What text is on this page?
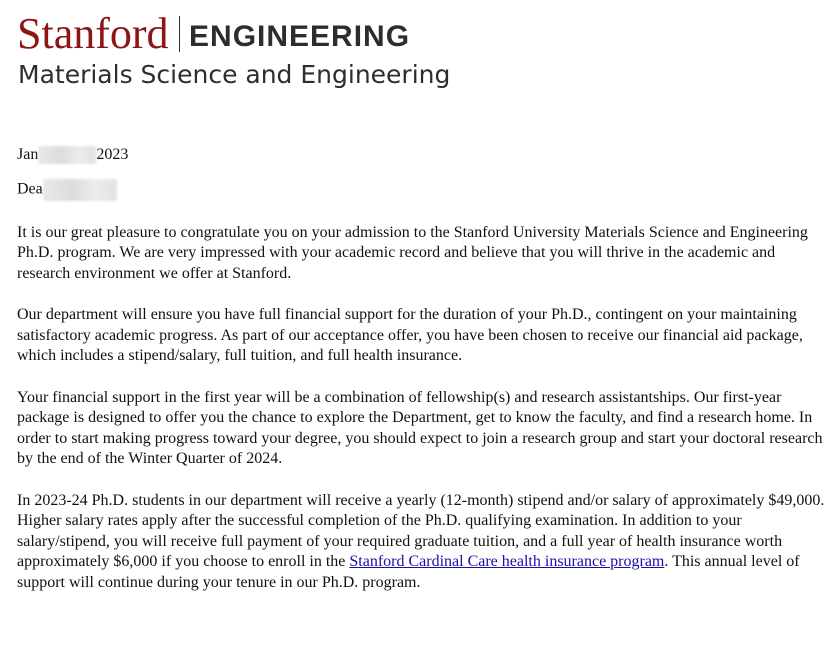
Stanford ENGINEERING
Materials Science and Engineering

Jan	2023

Dea

It is our great pleasure to congratulate you on your admission to the Stanford University Materials Science and Engineering Ph.D. program. We are very impressed with your academic record and believe that you will thrive in the academic and research environment we offer at Stanford.

Our department will ensure you have full financial support for the duration of your Ph.D., contingent on your maintaining satisfactory academic progress. As part of our acceptance offer, you have been chosen to receive our financial aid package, which includes a stipend/salary, full tuition, and full health insurance.

Your financial support in the first year will be a combination of fellowship(s) and research assistantships. Our first-year package is designed to offer you the chance to explore the Department, get to know the faculty, and find a research home. In order to start making progress toward your degree, you should expect to join a research group and start your doctoral research by the end of the Winter Quarter of 2024.

In 2023-24 Ph.D. students in our department will receive a yearly (12-month) stipend and/or salary of approximately $49,000. Higher salary rates apply after the successful completion of the Ph.D. qualifying examination. In addition to your salary/stipend, you will receive full payment of your required graduate tuition, and a full year of health insurance worth approximately $6,000 if you choose to enroll in the Stanford Cardinal Care health insurance program. This annual level of support will continue during your tenure in our Ph.D. program.
